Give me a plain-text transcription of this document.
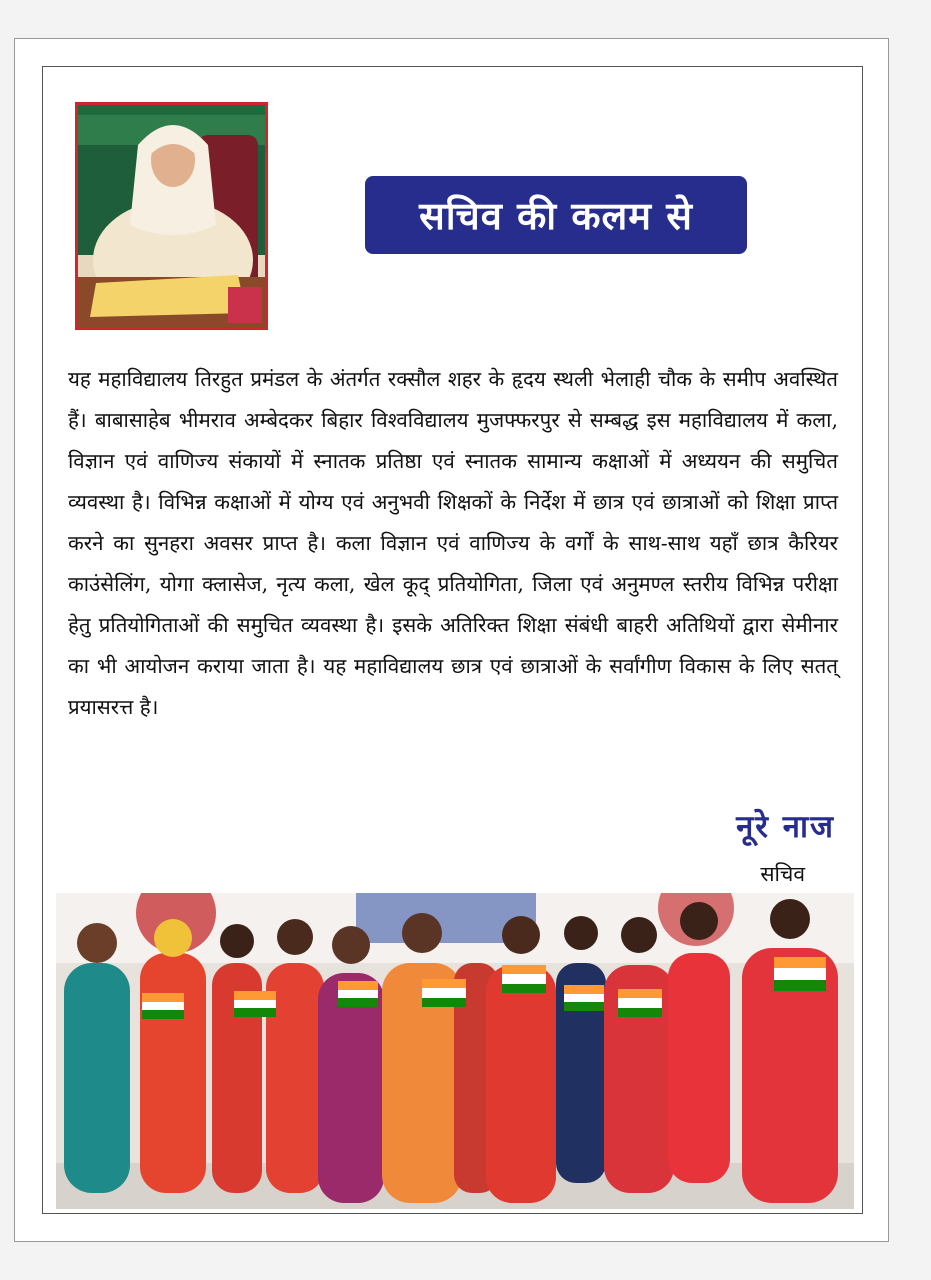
सचिव की कलम से

यह महाविद्यालय तिरहुत प्रमंडल के अंतर्गत रक्सौल शहर के हृदय स्थली भेलाही चौक के समीप अवस्थित हैं। बाबासाहेब भीमराव अम्बेदकर बिहार विश्वविद्यालय मुजफ्फरपुर से सम्बद्ध इस महाविद्यालय में कला, विज्ञान एवं वाणिज्य संकायों में स्नातक प्रतिष्ठा एवं स्नातक सामान्य कक्षाओं में अध्ययन की समुचित व्यवस्था है। विभिन्न कक्षाओं में योग्य एवं अनुभवी शिक्षकों के निर्देश में छात्र एवं छात्राओं को शिक्षा प्राप्त करने का सुनहरा अवसर प्राप्त है। कला विज्ञान एवं वाणिज्य के वर्गों के साथ-साथ यहाँ छात्र कैरियर काउंसेलिंग, योगा क्लासेज, नृत्य कला, खेल कूद् प्रतियोगिता, जिला एवं अनुमण्ल स्तरीय विभिन्न परीक्षा हेतु प्रतियोगिताओं की समुचित व्यवस्था है। इसके अतिरिक्त शिक्षा संबंधी बाहरी अतिथियों द्वारा सेमीनार का भी आयोजन कराया जाता है। यह महाविद्यालय छात्र एवं छात्राओं के सर्वांगीण विकास के लिए सतत् प्रयासरत्त है।

नूरे नाज

सचिव
